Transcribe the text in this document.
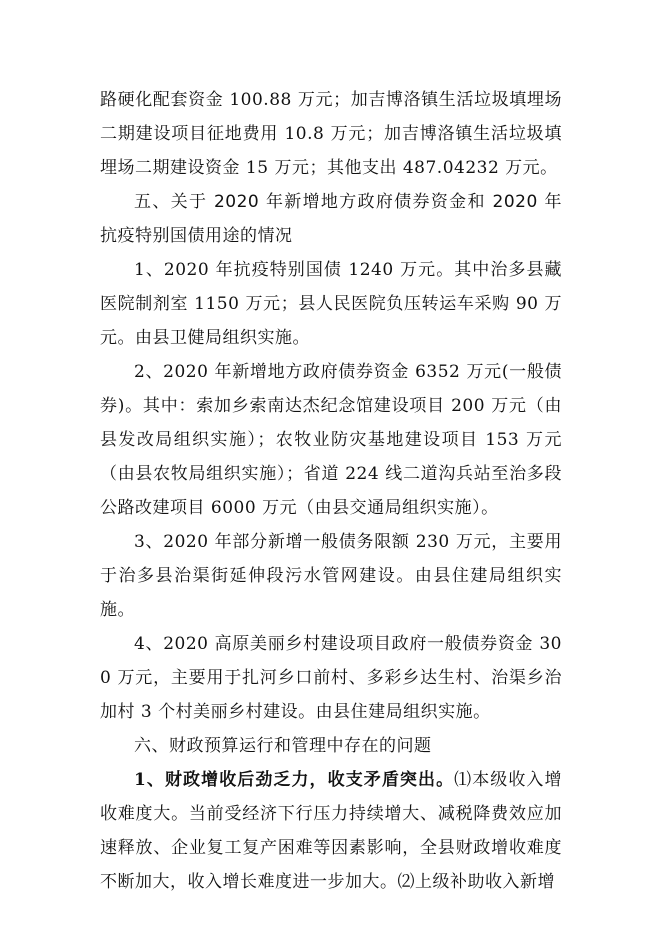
路硬化配套资金 100.88 万元；加吉博洛镇生活垃圾填埋场二期建设项目征地费用 10.8 万元；加吉博洛镇生活垃圾填埋场二期建设资金 15 万元；其他支出 487.04232 万元。

五、关于 2020 年新增地方政府债券资金和 2020 年抗疫特别国债用途的情况

1、2020 年抗疫特别国债 1240 万元。其中治多县藏医院制剂室 1150 万元；县人民医院负压转运车采购 90 万元。由县卫健局组织实施。

2、2020 年新增地方政府债券资金 6352 万元(一般债券)。其中：索加乡索南达杰纪念馆建设项目 200 万元（由县发改局组织实施）；农牧业防灾基地建设项目 153 万元（由县农牧局组织实施）；省道 224 线二道沟兵站至治多段公路改建项目 6000 万元（由县交通局组织实施）。

3、2020 年部分新增一般债务限额 230 万元，主要用于治多县治渠街延伸段污水管网建设。由县住建局组织实施。

4、2020 高原美丽乡村建设项目政府一般债券资金 300 万元，主要用于扎河乡口前村、多彩乡达生村、治渠乡治加村 3 个村美丽乡村建设。由县住建局组织实施。

六、财政预算运行和管理中存在的问题

1、财政增收后劲乏力，收支矛盾突出。⑴本级收入增收难度大。当前受经济下行压力持续增大、减税降费效应加速释放、企业复工复产困难等因素影响，全县财政增收难度不断加大，收入增长难度进一步加大。⑵上级补助收入新增
